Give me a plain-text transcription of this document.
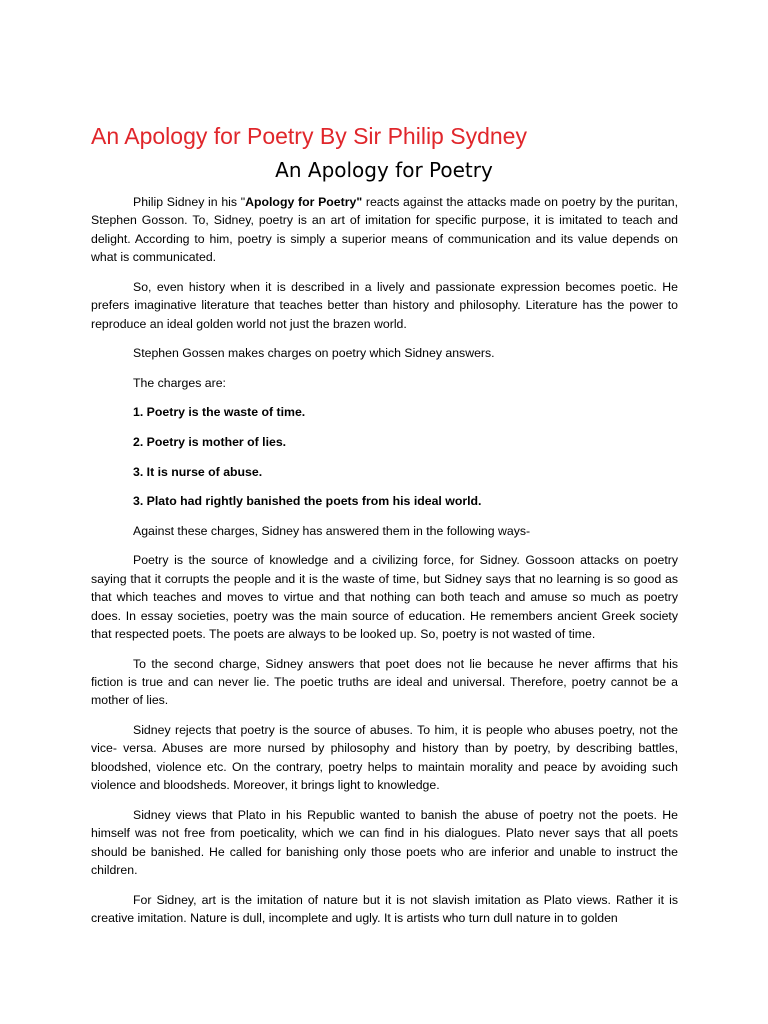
An Apology for Poetry By Sir Philip Sydney
An Apology for Poetry

Philip Sidney in his "Apology for Poetry" reacts against the attacks made on poetry by the puritan, Stephen Gosson. To, Sidney, poetry is an art of imitation for specific purpose, it is imitated to teach and delight. According to him, poetry is simply a superior means of communication and its value depends on what is communicated.

So, even history when it is described in a lively and passionate expression becomes poetic. He prefers imaginative literature that teaches better than history and philosophy. Literature has the power to reproduce an ideal golden world not just the brazen world.

Stephen Gossen makes charges on poetry which Sidney answers.

The charges are:

1. Poetry is the waste of time.

2. Poetry is mother of lies.

3. It is nurse of abuse.

3. Plato had rightly banished the poets from his ideal world.

Against these charges, Sidney has answered them in the following ways-

Poetry is the source of knowledge and a civilizing force, for Sidney. Gossoon attacks on poetry saying that it corrupts the people and it is the waste of time, but Sidney says that no learning is so good as that which teaches and moves to virtue and that nothing can both teach and amuse so much as poetry does. In essay societies, poetry was the main source of education. He remembers ancient Greek society that respected poets. The poets are always to be looked up. So, poetry is not wasted of time.

To the second charge, Sidney answers that poet does not lie because he never affirms that his fiction is true and can never lie. The poetic truths are ideal and universal. Therefore, poetry cannot be a mother of lies.

Sidney rejects that poetry is the source of abuses. To him, it is people who abuses poetry, not the vice- versa. Abuses are more nursed by philosophy and history than by poetry, by describing battles, bloodshed, violence etc. On the contrary, poetry helps to maintain morality and peace by avoiding such violence and bloodsheds. Moreover, it brings light to knowledge.

Sidney views that Plato in his Republic wanted to banish the abuse of poetry not the poets. He himself was not free from poeticality, which we can find in his dialogues. Plato never says that all poets should be banished. He called for banishing only those poets who are inferior and unable to instruct the children.

For Sidney, art is the imitation of nature but it is not slavish imitation as Plato views. Rather it is creative imitation. Nature is dull, incomplete and ugly. It is artists who turn dull nature in to golden
